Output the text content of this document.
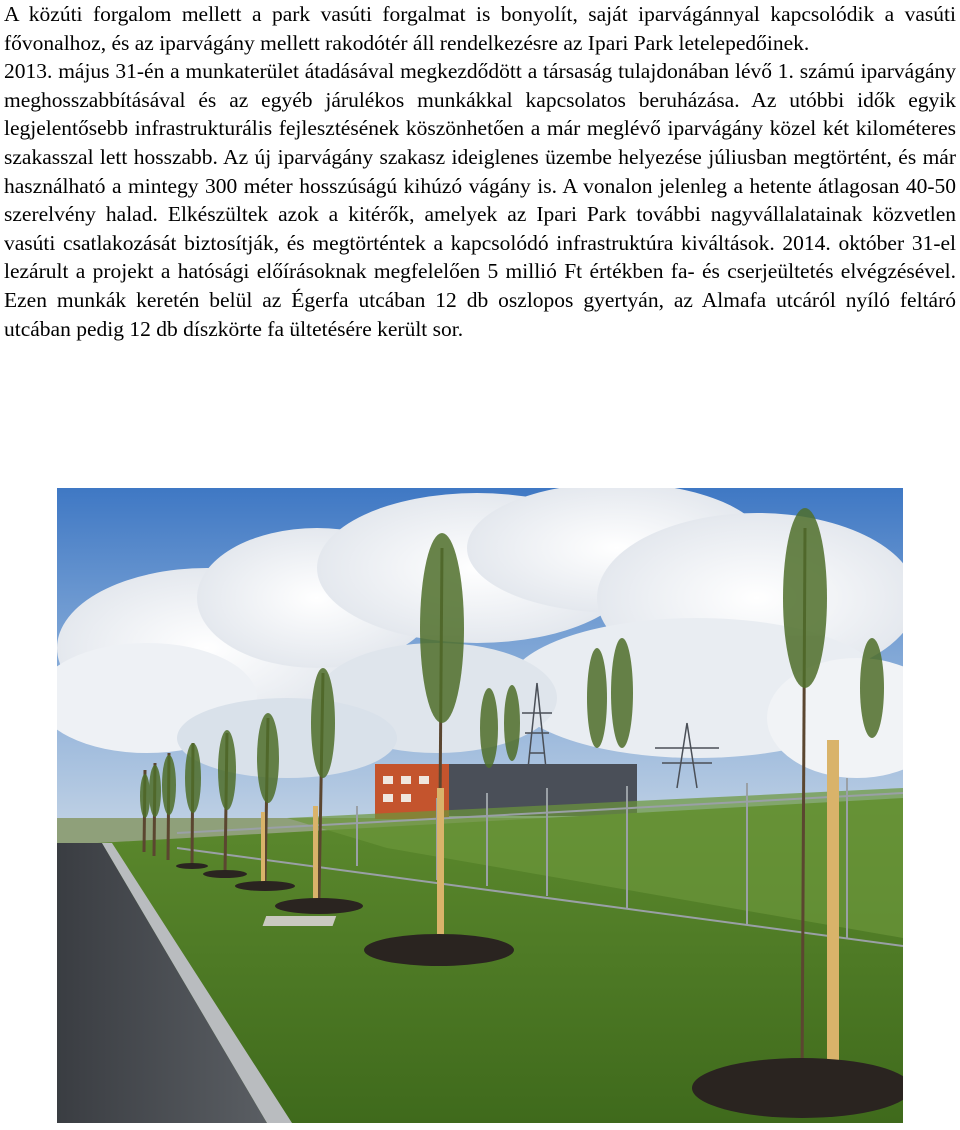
A közúti forgalom mellett a park vasúti forgalmat is bonyolít, saját iparvágánnyal kapcsolódik a vasúti fővonalhoz, és az iparvágány mellett rakodótér áll rendelkezésre az Ipari Park letelepedőinek.

2013. május 31-én a munkaterület átadásával megkezdődött a társaság tulajdonában lévő 1. számú iparvágány meghosszabbításával és az egyéb járulékos munkákkal kapcsolatos beruházása. Az utóbbi idők egyik legjelentősebb infrastrukturális fejlesztésének köszönhetően a már meglévő iparvágány közel két kilométeres szakasszal lett hosszabb. Az új iparvágány szakasz ideiglenes üzembe helyezése júliusban megtörtént, és már használható a mintegy 300 méter hosszúságú kihúzó vágány is. A vonalon jelenleg a hetente átlagosan 40-50 szerelvény halad. Elkészültek azok a kitérők, amelyek az Ipari Park további nagyvállalatainak közvetlen vasúti csatlakozását biztosítják, és megtörténtek a kapcsolódó infrastruktúra kiváltások. 2014. október 31-el lezárult a projekt a hatósági előírásoknak megfelelően 5 millió Ft értékben fa- és cserjeültetés elvégzésével. Ezen munkák keretén belül az Égerfa utcában 12 db oszlopos gyertyán, az Almafa utcáról nyíló feltáró utcában pedig 12 db díszkörte fa ültetésére került sor.
